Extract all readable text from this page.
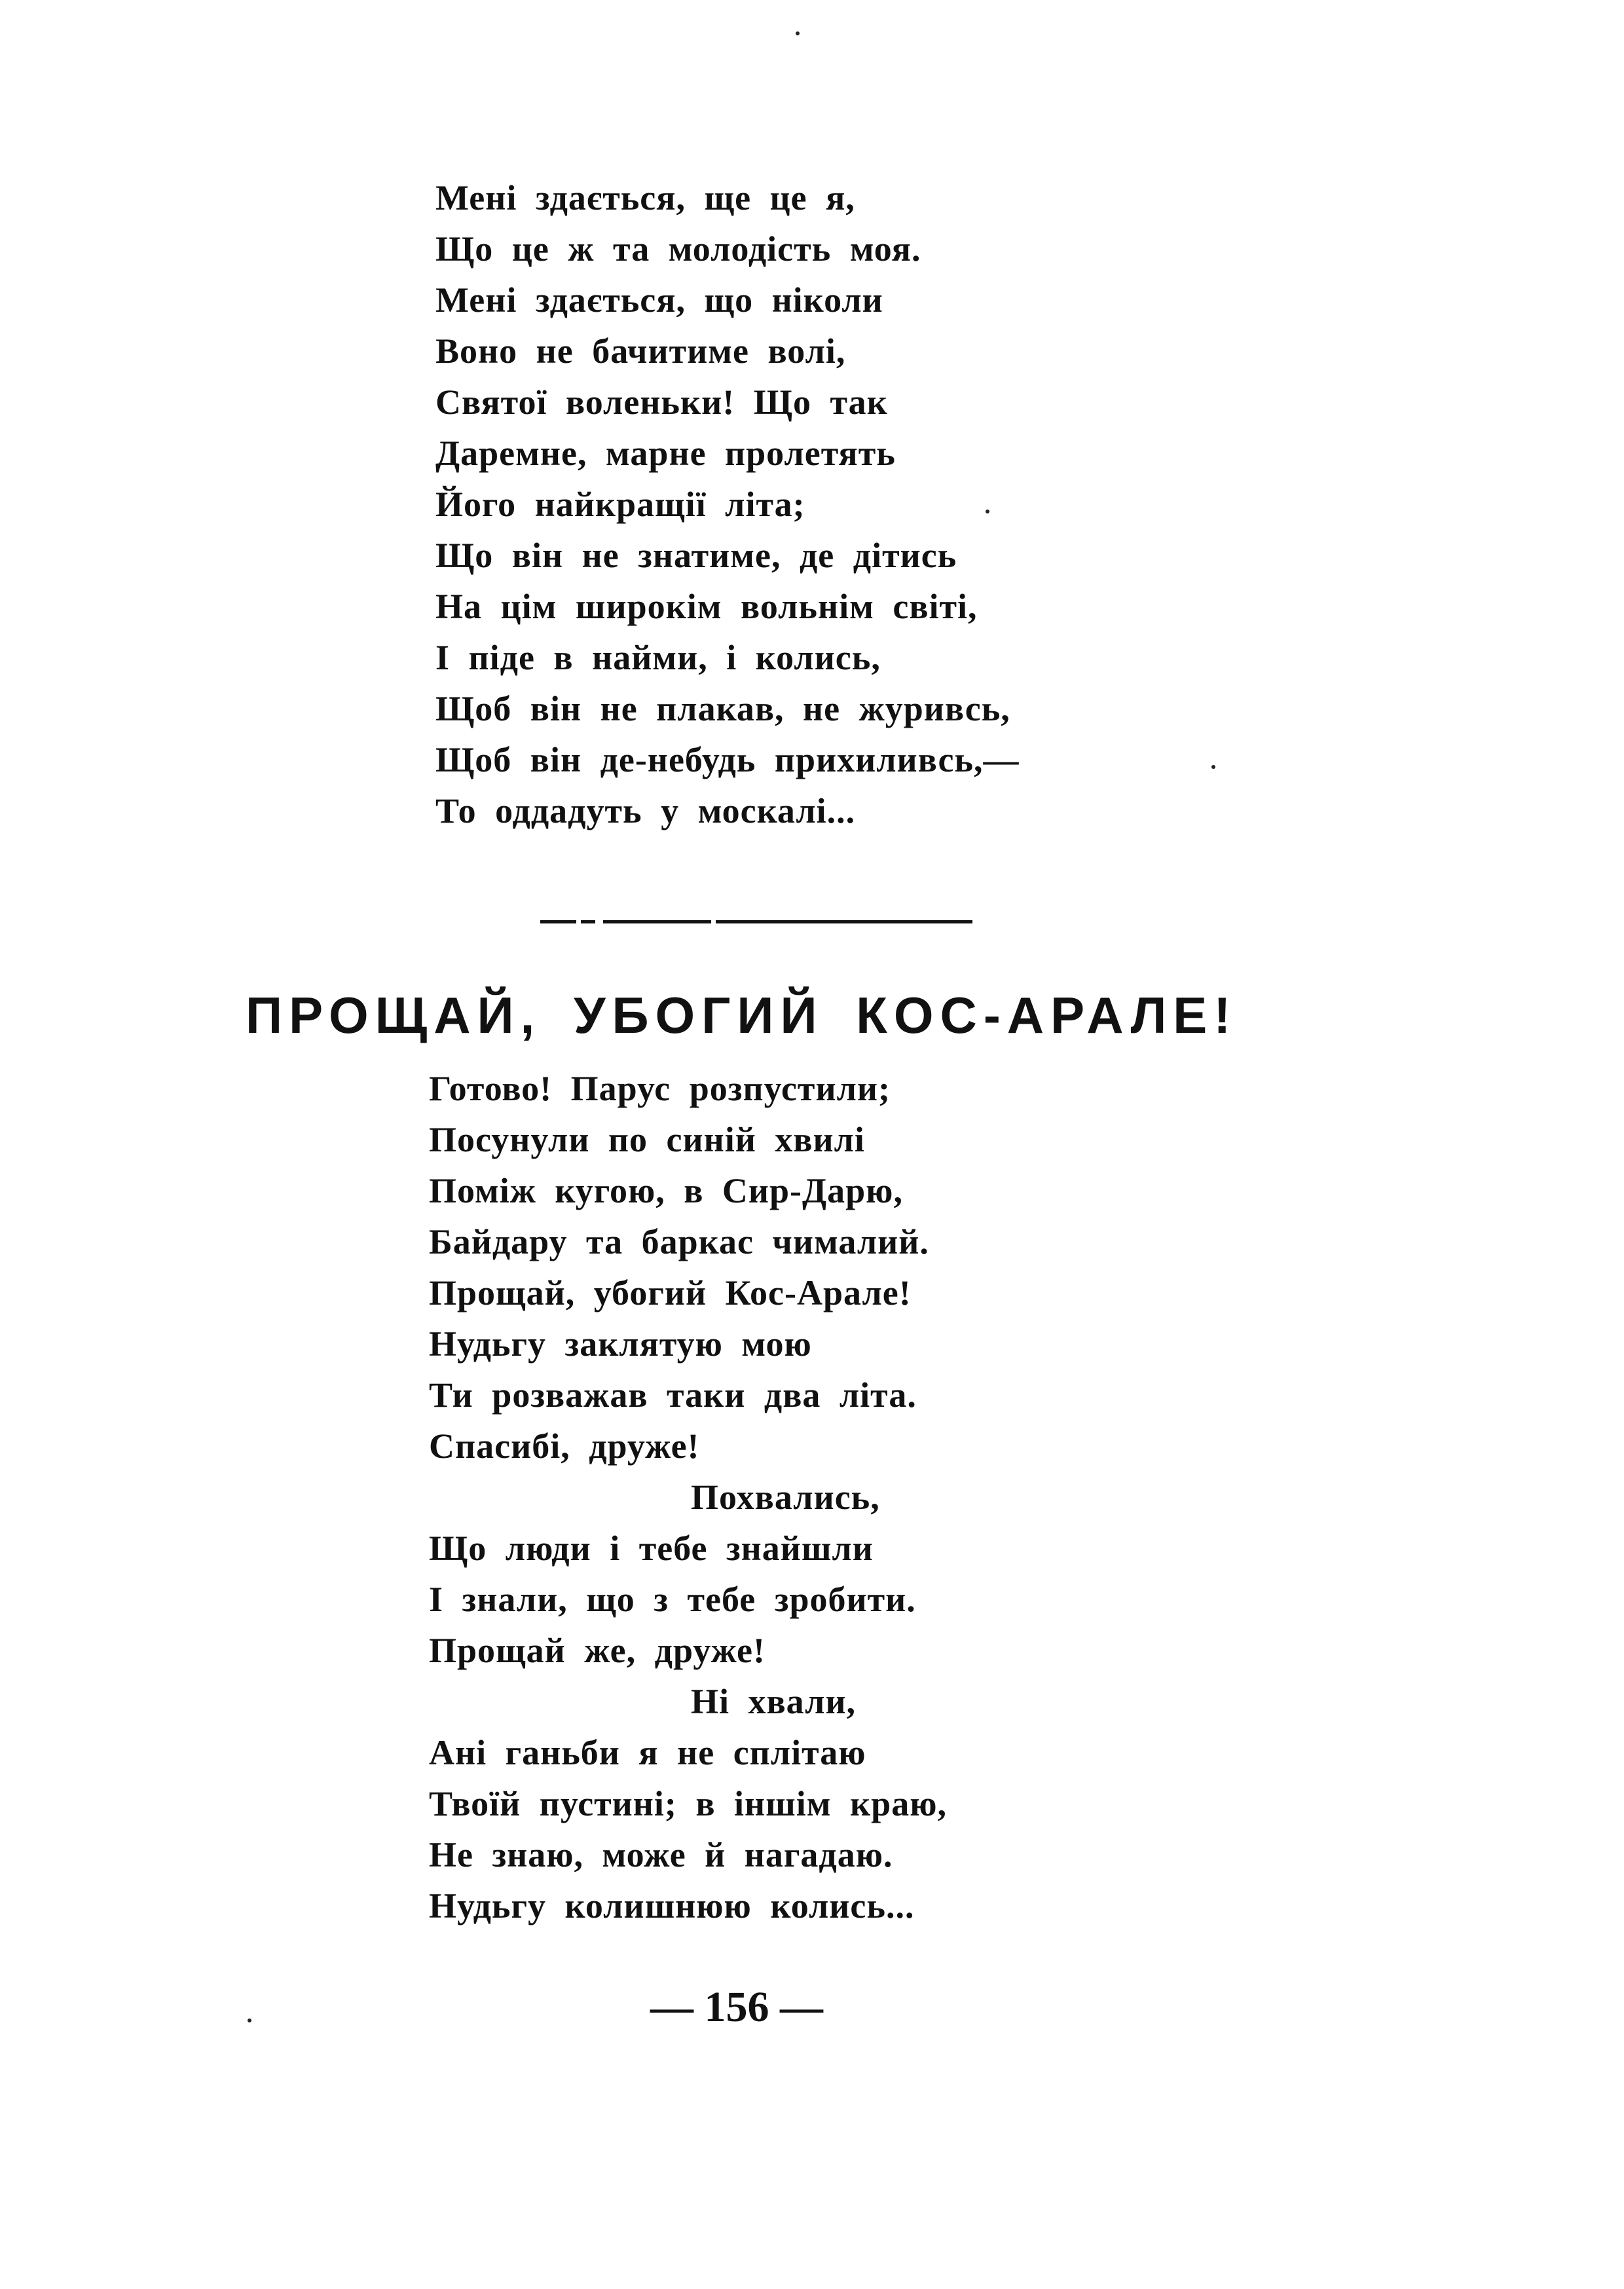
Мені здається, ще це я,
Що це ж та молодість моя.
Мені здається, що ніколи
Воно не бачитиме волі,
Святої воленьки! Що так
Даремне, марне пролетять
Його найкращії літа;
Що він не знатиме, де дітись
На цім широкім вольнім світі,
І піде в найми, і колись,
Щоб він не плакав, не журивсь,
Щоб він де-небудь прихиливсь,—
То оддадуть у москалі...
ПРОЩАЙ, УБОГИЙ КОС-АРАЛЕ!
Готово! Парус розпустили;
Посунули по синій хвилі
Поміж кугою, в Сир-Дарю,
Байдару та баркас чималий.
Прощай, убогий Кос-Арале!
Нудьгу заклятую мою
Ти розважав таки два літа.
Спасибі, друже!
Похвались,
Що люди і тебе знайшли
І знали, що з тебе зробити.
Прощай же, друже!
Ні хвали,
Ані ганьби я не сплітаю
Твоїй пустині; в іншім краю,
Не знаю, може й нагадаю.
Нудьгу колишнюю колись...
— 156 —
